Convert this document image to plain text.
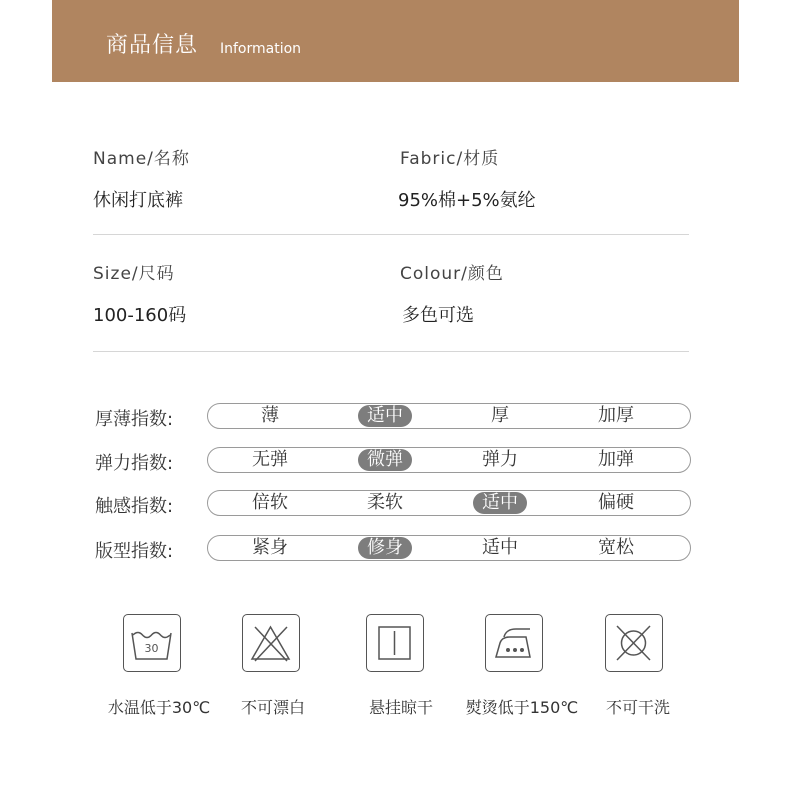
商品信息 Information
Name/名称
休闲打底裤
Fabric/材质
95%棉+5%氨纶
Size/尺码
100-160码
Colour/颜色
多色可选
厚薄指数:	薄	适中	厚	加厚
弹力指数:	无弹	微弹	弹力	加弹
触感指数:	倍软	柔软	适中	偏硬
版型指数:	紧身	修身	适中	宽松
30
水温低于30℃ 不可漂白	悬挂晾干 熨烫低于150℃ 不可干洗
